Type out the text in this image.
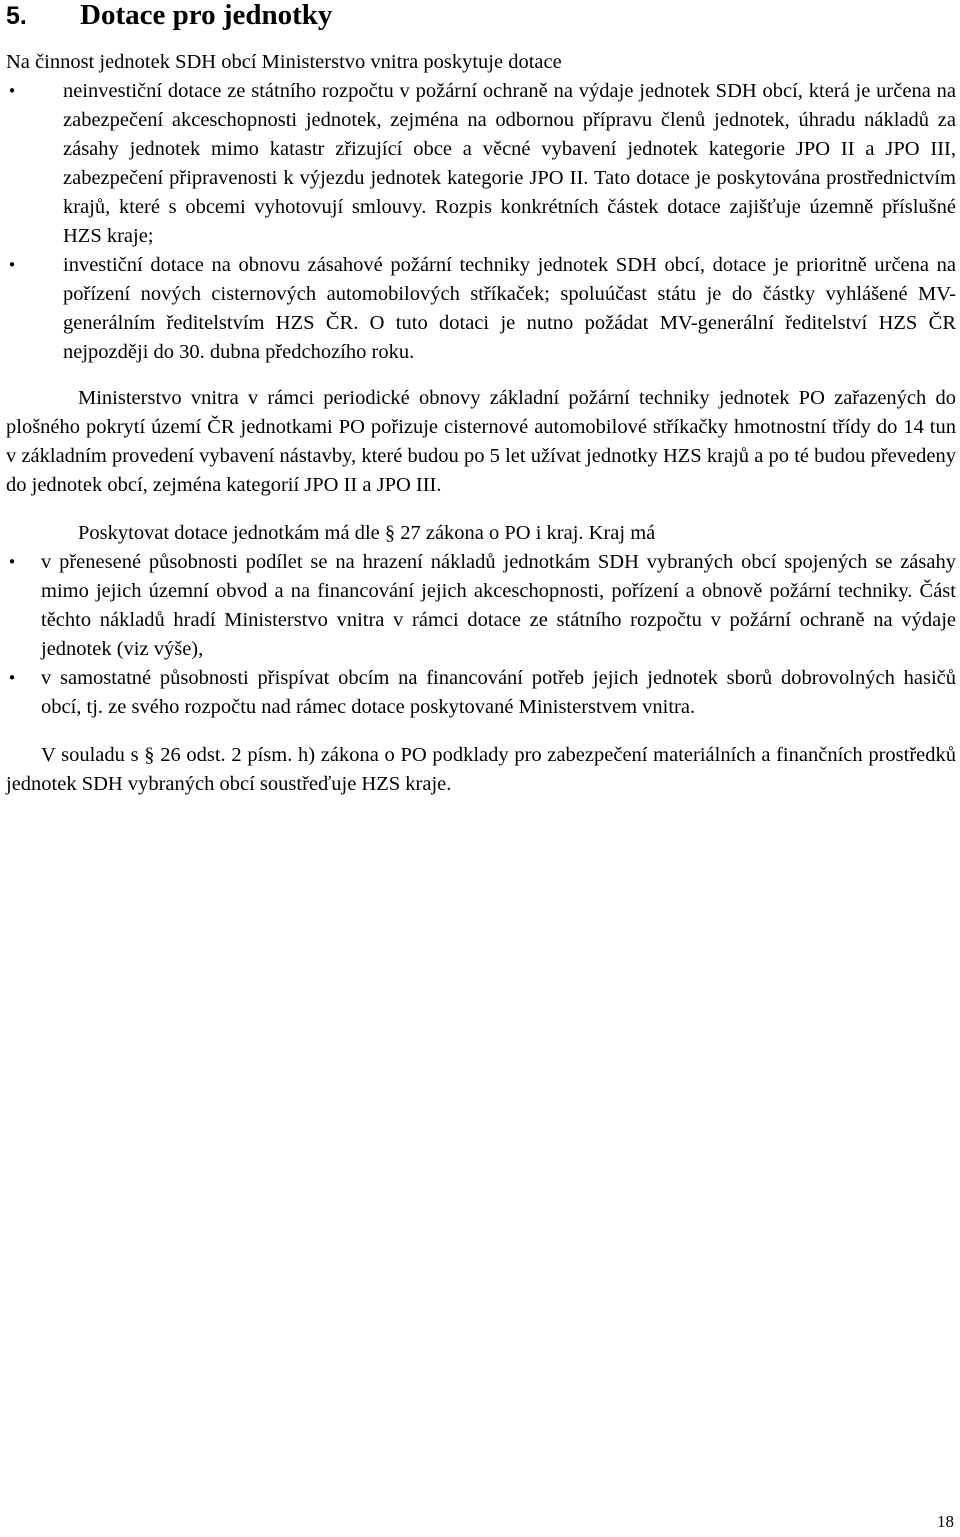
5.	Dotace pro jednotky

Na činnost jednotek SDH obcí Ministerstvo vnitra poskytuje dotace

•	neinvestiční dotace ze státního rozpočtu v požární ochraně na výdaje jednotek SDH obcí, která je určena na zabezpečení akceschopnosti jednotek, zejména na odbornou přípravu členů jednotek, úhradu nákladů za zásahy jednotek mimo katastr zřizující obce a věcné vybavení jednotek kategorie JPO II a JPO III, zabezpečení připravenosti k výjezdu jednotek kategorie JPO II. Tato dotace je poskytována prostřednictvím krajů, které s obcemi vyhotovují smlouvy. Rozpis konkrétních částek dotace zajišťuje územně příslušné HZS kraje;
•	investiční dotace na obnovu zásahové požární techniky jednotek SDH obcí, dotace je prioritně určena na pořízení nových cisternových automobilových stříkaček; spoluúčast státu je do částky vyhlášené MV-generálním ředitelstvím HZS ČR. O tuto dotaci je nutno požádat MV-generální ředitelství HZS ČR nejpozději do 30. dubna předchozího roku.

Ministerstvo vnitra v rámci periodické obnovy základní požární techniky jednotek PO zařazených do plošného pokrytí území ČR jednotkami PO pořizuje cisternové automobilové stříkačky hmotnostní třídy do 14 tun v základním provedení vybavení nástavby, které budou po 5 let užívat jednotky HZS krajů a po té budou převedeny do jednotek obcí, zejména kategorií JPO II a JPO III.

Poskytovat dotace jednotkám má dle § 27 zákona o PO i kraj. Kraj má

•	v přenesené působnosti podílet se na hrazení nákladů jednotkám SDH vybraných obcí spojených se zásahy mimo jejich územní obvod a na financování jejich akceschopnosti, pořízení a obnově požární techniky. Část těchto nákladů hradí Ministerstvo vnitra v rámci dotace ze státního rozpočtu v požární ochraně na výdaje jednotek (viz výše),
•	v samostatné působnosti přispívat obcím na financování potřeb jejich jednotek sborů dobrovolných hasičů obcí, tj. ze svého rozpočtu nad rámec dotace poskytované Ministerstvem vnitra.

V souladu s § 26 odst. 2 písm. h) zákona o PO podklady pro zabezpečení materiálních a finančních prostředků jednotek SDH vybraných obcí soustřeďuje HZS kraje.

18
